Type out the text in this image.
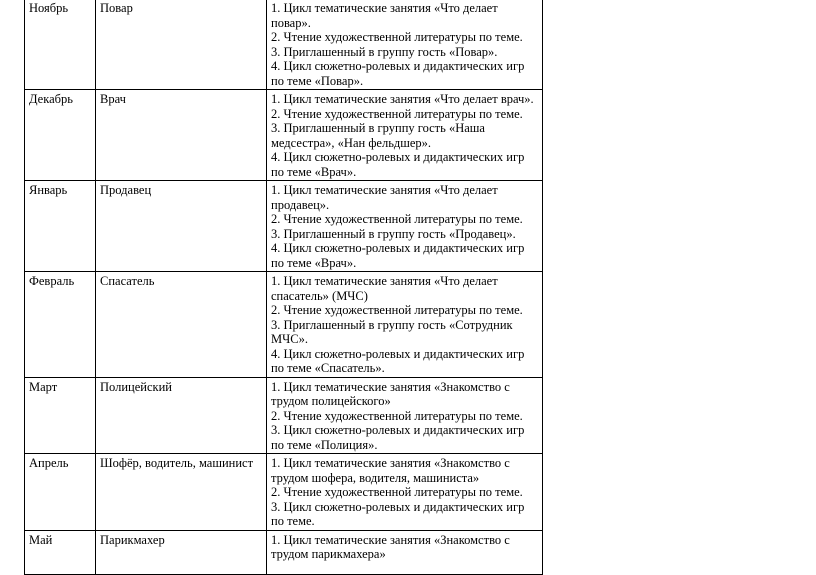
Ноябрь	Повар	1. Цикл тематические занятия «Что делает повар».
2. Чтение художественной литературы по теме.
3. Приглашенный в группу гость «Повар».
4. Цикл сюжетно-ролевых и дидактических игр по теме «Повар».

Декабрь	Врач	1. Цикл тематические занятия «Что делает врач».
2. Чтение художественной литературы по теме.
3. Приглашенный в группу гость «Наша медсестра», «Нан фельдшер».
4. Цикл сюжетно-ролевых и дидактических игр по теме «Врач».

Январь	Продавец	1. Цикл тематические занятия «Что делает продавец».
2. Чтение художественной литературы по теме.
3. Приглашенный в группу гость «Продавец».
4. Цикл сюжетно-ролевых и дидактических игр по теме «Врач».

Февраль	Спасатель	1. Цикл тематические занятия «Что делает спасатель» (МЧС)
2. Чтение художественной литературы по теме.
3. Приглашенный в группу гость «Сотрудник МЧС».
4. Цикл сюжетно-ролевых и дидактических игр по теме «Спасатель».

Март	Полицейский	1. Цикл тематические занятия «Знакомство с трудом полицейского»
2. Чтение художественной литературы по теме.
3. Цикл сюжетно-ролевых и дидактических игр по теме «Полиция».

Апрель	Шофёр, водитель, машинист	1. Цикл тематические занятия «Знакомство с трудом шофера, водителя, машиниста»
2. Чтение художественной литературы по теме.
3. Цикл сюжетно-ролевых и дидактических игр по теме.

Май	Парикмахер	1. Цикл тематические занятия «Знакомство с трудом парикмахера»
